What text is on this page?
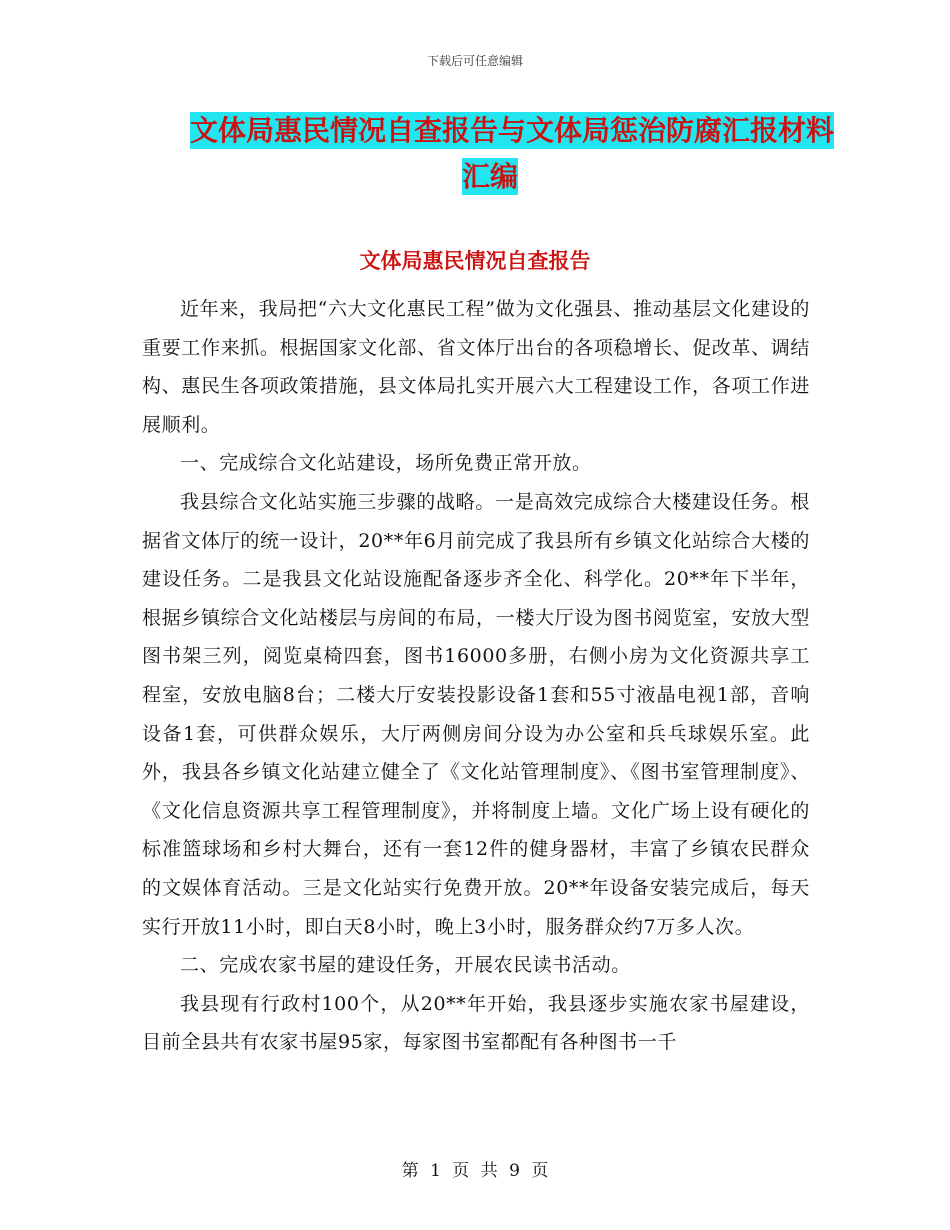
下载后可任意编辑
文体局惠民情况自查报告与文体局惩治防腐汇报材料
汇编
文体局惠民情况自查报告

近年来，我局把“六大文化惠民工程”做为文化强县、推动基层文化建设的重要工作来抓。根据国家文化部、省文体厅出台的各项稳增长、促改革、调结构、惠民生各项政策措施，县文体局扎实开展六大工程建设工作，各项工作进展顺利。

一、完成综合文化站建设，场所免费正常开放。

我县综合文化站实施三步骤的战略。一是高效完成综合大楼建设任务。根据省文体厅的统一设计，20**年6月前完成了我县所有乡镇文化站综合大楼的建设任务。二是我县文化站设施配备逐步齐全化、科学化。20**年下半年，根据乡镇综合文化站楼层与房间的布局，一楼大厅设为图书阅览室，安放大型图书架三列，阅览桌椅四套，图书16000多册，右侧小房为文化资源共享工程室，安放电脑8台；二楼大厅安装投影设备1套和55寸液晶电视1部，音响设备1套，可供群众娱乐，大厅两侧房间分设为办公室和兵乓球娱乐室。此外，我县各乡镇文化站建立健全了《文化站管理制度》、《图书室管理制度》、《文化信息资源共享工程管理制度》，并将制度上墙。文化广场上设有硬化的标准篮球场和乡村大舞台，还有一套12件的健身器材，丰富了乡镇农民群众的文娱体育活动。三是文化站实行免费开放。20**年设备安装完成后，每天实行开放11小时，即白天8小时，晚上3小时，服务群众约7万多人次。

二、完成农家书屋的建设任务，开展农民读书活动。

我县现有行政村100个，从20**年开始，我县逐步实施农家书屋建设，目前全县共有农家书屋95家，每家图书室都配有各种图书一千

第 1 页 共 9 页
